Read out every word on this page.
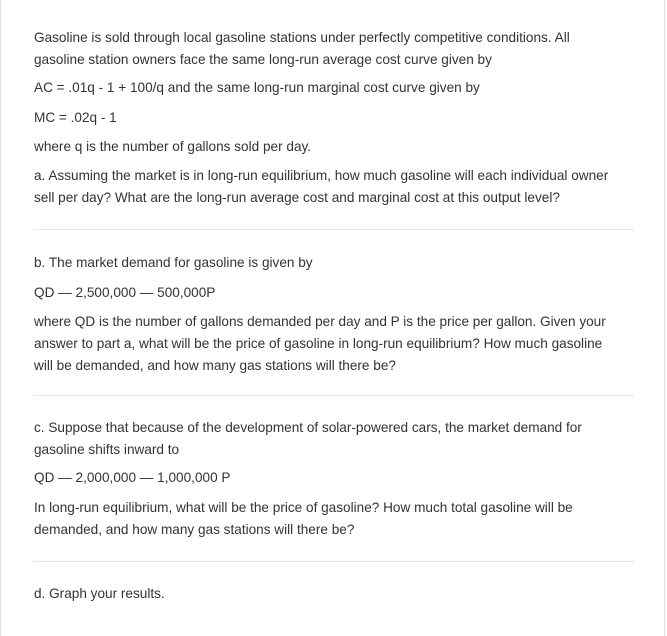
Gasoline is sold through local gasoline stations under perfectly competitive conditions. All
gasoline station owners face the same long-run average cost curve given by
AC = .01q - 1 + 100/q and the same long-run marginal cost curve given by
MC = .02q - 1
where q is the number of gallons sold per day.
a. Assuming the market is in long-run equilibrium, how much gasoline will each individual owner
sell per day? What are the long-run average cost and marginal cost at this output level?
b. The market demand for gasoline is given by
QD — 2,500,000 — 500,000P
where QD is the number of gallons demanded per day and P is the price per gallon. Given your
answer to part a, what will be the price of gasoline in long-run equilibrium? How much gasoline
will be demanded, and how many gas stations will there be?
c. Suppose that because of the development of solar-powered cars, the market demand for
gasoline shifts inward to
QD — 2,000,000 — 1,000,000 P
In long-run equilibrium, what will be the price of gasoline? How much total gasoline will be
demanded, and how many gas stations will there be?
d. Graph your results.
